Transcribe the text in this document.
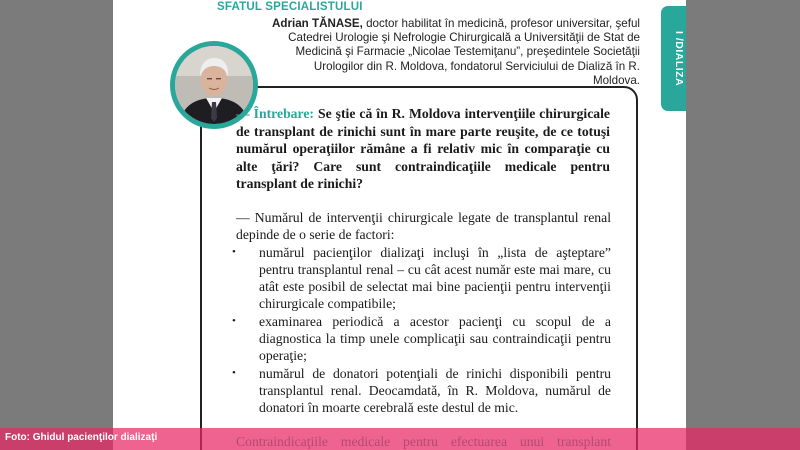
SFATUL SPECIALISTULUI
Adrian TĂNASE, doctor habilitat în medicină, profesor universitar, şeful Catedrei Urologie şi Nefrologie Chirurgicală a Universităţii de Stat de Medicină şi Farmacie „Nicolae Testemiţanu”, preşedintele Societăţii Urologilor din R. Moldova, fondatorul Serviciului de Dializă în R. Moldova.	I /DIALIZA
— Întrebare: Se ştie că în R. Moldova intervenţiile chirurgicale de transplant de rinichi sunt în mare parte reuşite, de ce totuşi numărul operaţiilor rămâne a fi relativ mic în comparaţie cu alte ţări? Care sunt contraindicaţiile medicale pentru transplant de rinichi?

— Numărul de intervenţii chirurgicale legate de transplantul renal depinde de o serie de factori:

• numărul pacienţilor dializaţi incluşi în „lista de aşteptare” pentru transplantul renal – cu cât acest număr este mai mare, cu atât este posibil de selectat mai bine pacienţii pentru intervenţii chirurgicale compatibile;
• examinarea periodică a acestor pacienţi cu scopul de a diagnostica la timp unele complicaţii sau contraindicaţii pentru operaţie;
• numărul de donatori potenţiali de rinichi disponibili pentru transplantul renal. Deocamdată, în R. Moldova, numărul de donatori în moarte cerebrală este destul de mic.
Foto: Ghidul pacienţilor dializaţi
